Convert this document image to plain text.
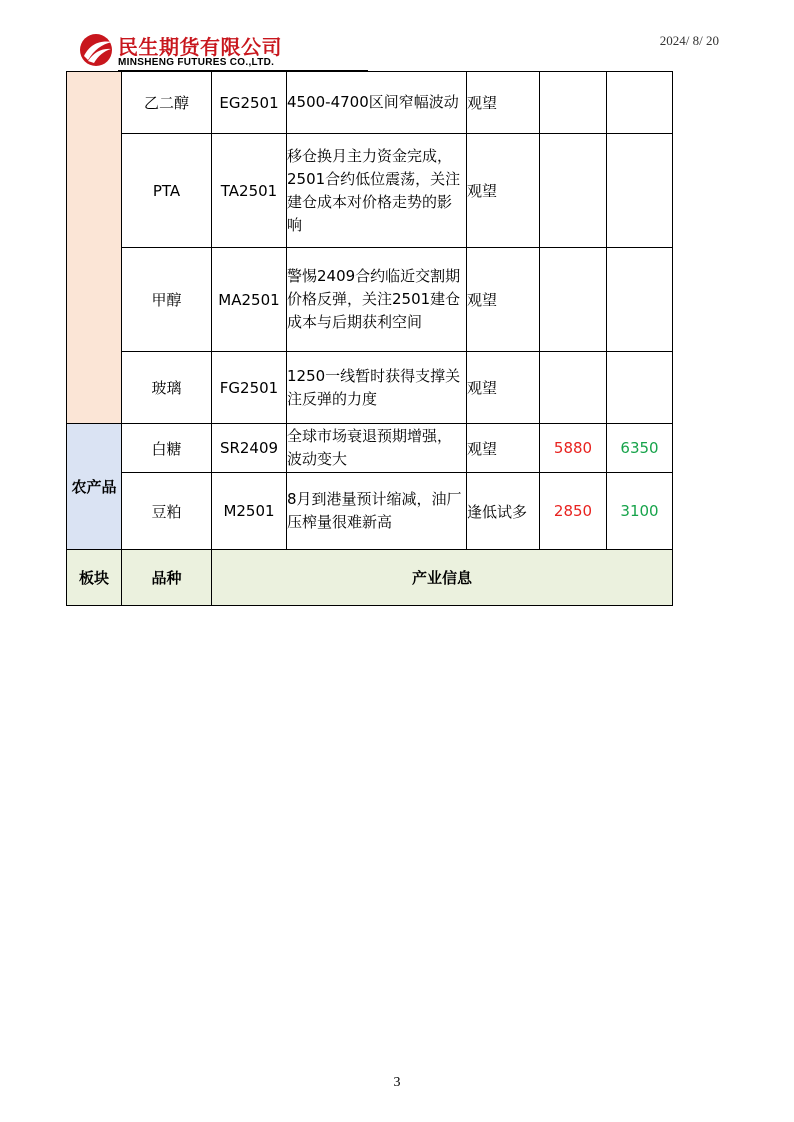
民生期货有限公司
MINSHENG FUTURES CO.,LTD.
2024/ 8/ 20
	乙二醇	EG2501	4500-4700区间窄幅波动	观望		
	PTA	TA2501	移仓换月主力资金完成，2501合约低位震荡，关注建仓成本对价格走势的影响	观望		
	甲醇	MA2501	警惕2409合约临近交割期价格反弹，关注2501建仓成本与后期获利空间	观望		
	玻璃	FG2501	1250一线暂时获得支撑关注反弹的力度	观望		
农产品	白糖	SR2409	全球市场衰退预期增强，波动变大	观望	5880	6350
	豆粕	M2501	8月到港量预计缩减，油厂压榨量很难新高	逢低试多	2850	3100
板块	品种	产业信息				
3
